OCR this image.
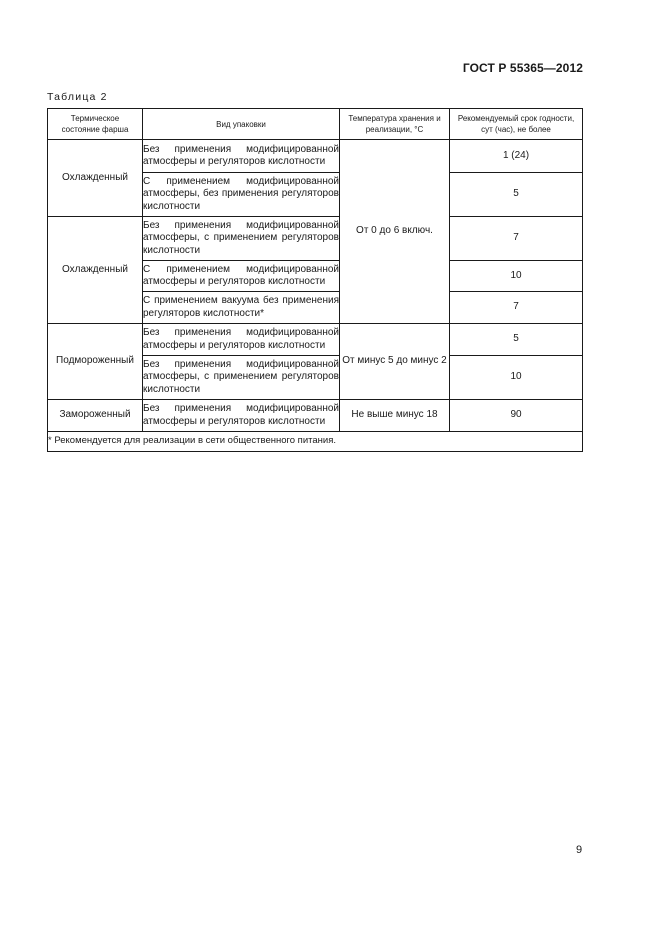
ГОСТ Р 55365—2012
Таблица 2
Термическое состояние фарша	Вид упаковки	Температура хранения и реализации, °С	Рекомендуемый срок годности, сут (час), не более
Охлажденный	Без применения модифицированной атмосферы и регуляторов кислотности	От 0 до 6 включ.	1 (24)
	С применением модифицированной атмосферы, без применения регуляторов кислотности		5
Охлажденный	Без применения модифицированной атмосферы, с применением регуляторов кислотности		7
	С применением модифицированной атмосферы и регуляторов кислотности		10
	С применением вакуума без применения регуляторов кислотности*		7
Подмороженный	Без применения модифицированной атмосферы и регуляторов кислотности	От минус 5 до минус 2	5
	Без применения модифицированной атмосферы, с применением регуляторов кислотности		10
Замороженный	Без применения модифицированной атмосферы и регуляторов кислотности	Не выше минус 18	90
* Рекомендуется для реализации в сети общественного питания.			
9
